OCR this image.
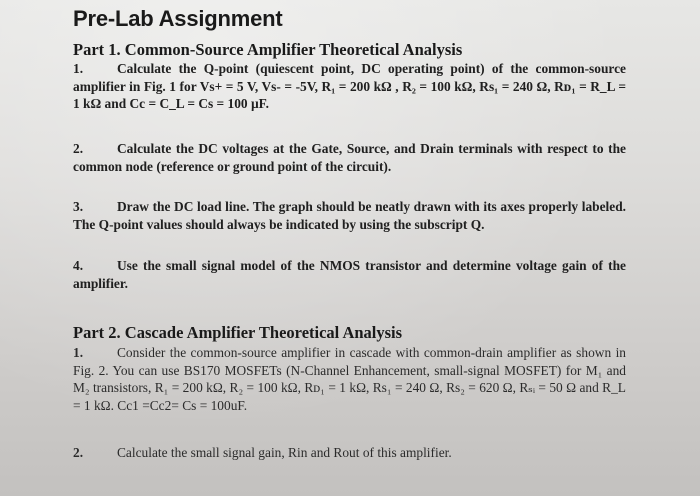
Pre-Lab Assignment
Part 1. Common-Source Amplifier Theoretical Analysis
1.	Calculate the Q-point (quiescent point, DC operating point) of the common-source amplifier in Fig. 1 for Vs+ = 5 V, Vs- = -5V, R₁ = 200 kΩ , R₂ = 100 kΩ, Rs₁ = 240 Ω, Rᴅ₁ = R_L = 1 kΩ and Cc = C_L = Cs = 100 µF.
2.	Calculate the DC voltages at the Gate, Source, and Drain terminals with respect to the common node (reference or ground point of the circuit).
3.	Draw the DC load line. The graph should be neatly drawn with its axes properly labeled. The Q-point values should always be indicated by using the subscript Q.
4.	Use the small signal model of the NMOS transistor and determine voltage gain of the amplifier.
Part 2. Cascade Amplifier Theoretical Analysis
1.	Consider the common-source amplifier in cascade with common-drain amplifier as shown in Fig. 2. You can use BS170 MOSFETs (N-Channel Enhancement, small-signal MOSFET) for M₁ and M₂ transistors, R₁ = 200 kΩ, R₂ = 100 kΩ, Rᴅ₁ = 1 kΩ, Rs₁ = 240 Ω, Rs₂ = 620 Ω, Rₛᵢ = 50 Ω and R_L = 1 kΩ. Cc1 =Cc2= Cs = 100uF.
2.	Calculate the small signal gain, Rin and Rout of this amplifier.
